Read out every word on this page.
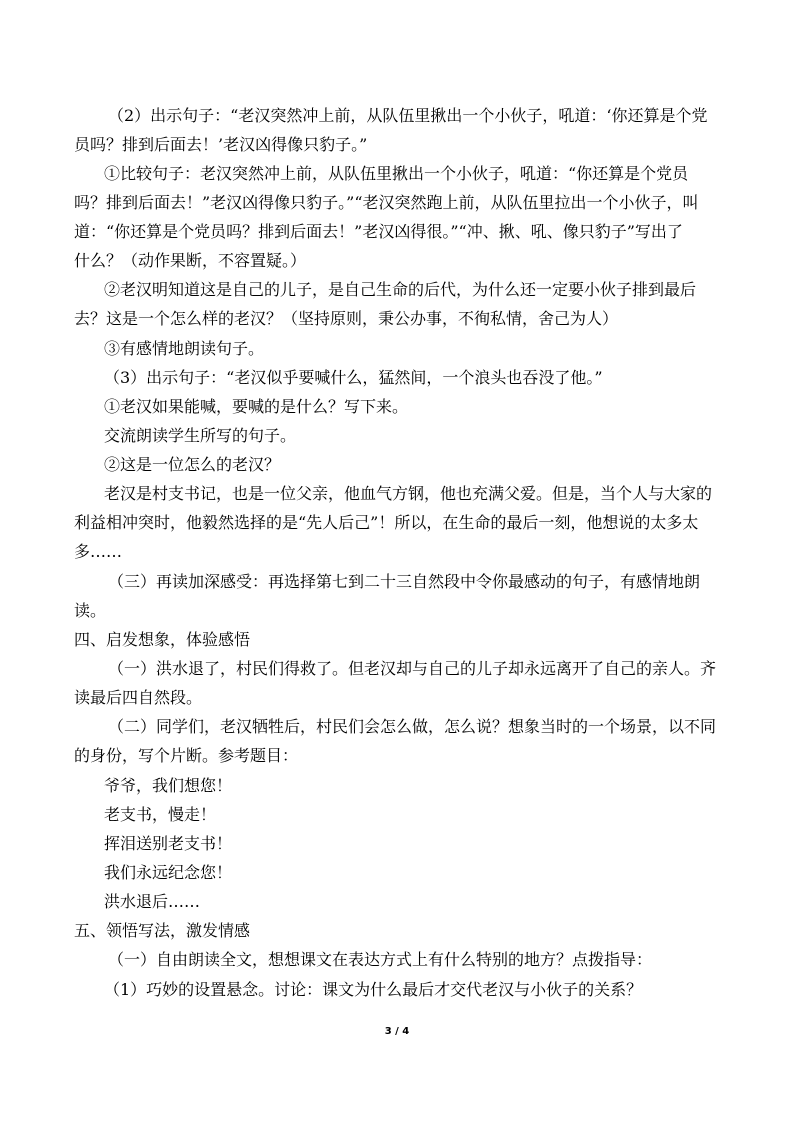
（2）出示句子：“老汉突然冲上前，从队伍里揪出一个小伙子，吼道：‘你还算是个党
员吗？排到后面去！’老汉凶得像只豹子。”
①比较句子：老汉突然冲上前，从队伍里揪出一个小伙子，吼道：“你还算是个党员
吗？排到后面去！”老汉凶得像只豹子。”“老汉突然跑上前，从队伍里拉出一个小伙子，叫
道：“你还算是个党员吗？排到后面去！”老汉凶得很。”“冲、揪、吼、像只豹子”写出了
什么？（动作果断，不容置疑。）
②老汉明知道这是自己的儿子，是自己生命的后代，为什么还一定要小伙子排到最后
去？这是一个怎么样的老汉？（坚持原则，秉公办事，不徇私情，舍己为人）
③有感情地朗读句子。
（3）出示句子：“老汉似乎要喊什么，猛然间，一个浪头也吞没了他。”
①老汉如果能喊，要喊的是什么？写下来。
交流朗读学生所写的句子。
②这是一位怎么的老汉？
老汉是村支书记，也是一位父亲，他血气方钢，他也充满父爱。但是，当个人与大家的
利益相冲突时，他毅然选择的是“先人后己”！所以，在生命的最后一刻，他想说的太多太
多……
（三）再读加深感受：再选择第七到二十三自然段中令你最感动的句子，有感情地朗
读。
四、启发想象，体验感悟
（一）洪水退了，村民们得救了。但老汉却与自己的儿子却永远离开了自己的亲人。齐
读最后四自然段。
（二）同学们，老汉牺牲后，村民们会怎么做，怎么说？想象当时的一个场景，以不同
的身份，写个片断。参考题目：
爷爷，我们想您！
老支书，慢走！
挥泪送别老支书！
我们永远纪念您！
洪水退后……
五、领悟写法，激发情感
（一）自由朗读全文，想想课文在表达方式上有什么特别的地方？点拨指导：
（1）巧妙的设置悬念。讨论：课文为什么最后才交代老汉与小伙子的关系？
3 / 4
